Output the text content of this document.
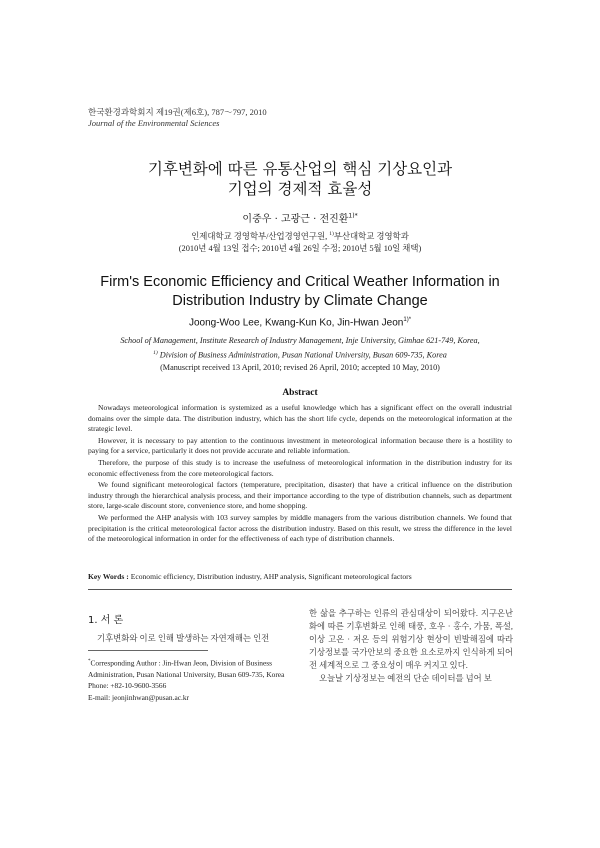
한국환경과학회지 제19권(제6호), 787～797, 2010
Journal of the Environmental Sciences
기후변화에 따른 유통산업의 핵심 기상요인과
기업의 경제적 효율성
이중우 · 고광근 · 전진환$^{1)*}$
인제대학교 경영학부/산업경영연구원, $^{1)}$부산대학교 경영학과
(2010년 4월 13일 접수; 2010년 4월 26일 수정; 2010년 5월 10일 채택)
Firm's Economic Efficiency and Critical Weather Information in
Distribution Industry by Climate Change
Joong-Woo Lee, Kwang-Kun Ko, Jin-Hwan Jeon$^{1)*}$
School of Management, Institute Research of Industry Management, Inje University, Gimhae 621-749, Korea,
$^{1)}$ Division of Business Administration, Pusan National University, Busan 609-735, Korea
(Manuscript received 13 April, 2010; revised 26 April, 2010; accepted 10 May, 2010)
Abstract

Nowadays meteorological information is systemized as a useful knowledge which has a significant effect on the overall industrial domains over the simple data. The distribution industry, which has the short life cycle, depends on the meteorological information at the strategic level.

However, it is necessary to pay attention to the continuous investment in meteorological information because there is a hostility to paying for a service, particularly it does not provide accurate and reliable information.

Therefore, the purpose of this study is to increase the usefulness of meteorological information in the distribution industry for its economic effectiveness from the core meteorological factors.

We found significant meteorological factors (temperature, precipitation, disaster) that have a critical influence on the distribution industry through the hierarchical analysis process, and their importance according to the type of distribution channels, such as department store, large-scale discount store, convenience store, and home shopping.

We performed the AHP analysis with 103 survey samples by middle managers from the various distribution channels. We found that precipitation is the critical meteorological factor across the distribution industry. Based on this result, we stress the difference in the level of the meteorological information in order for the effectiveness of each type of distribution channels.

Key Words : Economic efficiency, Distribution industry, AHP analysis, Significant meteorological factors
1. 서 론
기후변화와 이로 인해 발생하는 자연재해는 인전

*Corresponding Author : Jin-Hwan Jeon, Division of Business Administration, Pusan National University, Busan 609-735, Korea

Phone: +82-10-9600-3566

E-mail: jeonjinhwan@pusan.ac.kr

한 삶을 추구하는 인류의 관심대상이 되어왔다. 지구온난화에 따른 기후변화로 인해 태풍, 호우 · 홍수, 가뭄, 폭설, 이상 고온 · 저온 등의 위험기상 현상이 빈발해짐에 따라 기상정보를 국가안보의 중요한 요소로까지 인식하게 되어 전 세계적으로 그 중요성이 매우 커지고 있다.

오늘날 기상정보는 예전의 단순 데이터를 넘어 보
